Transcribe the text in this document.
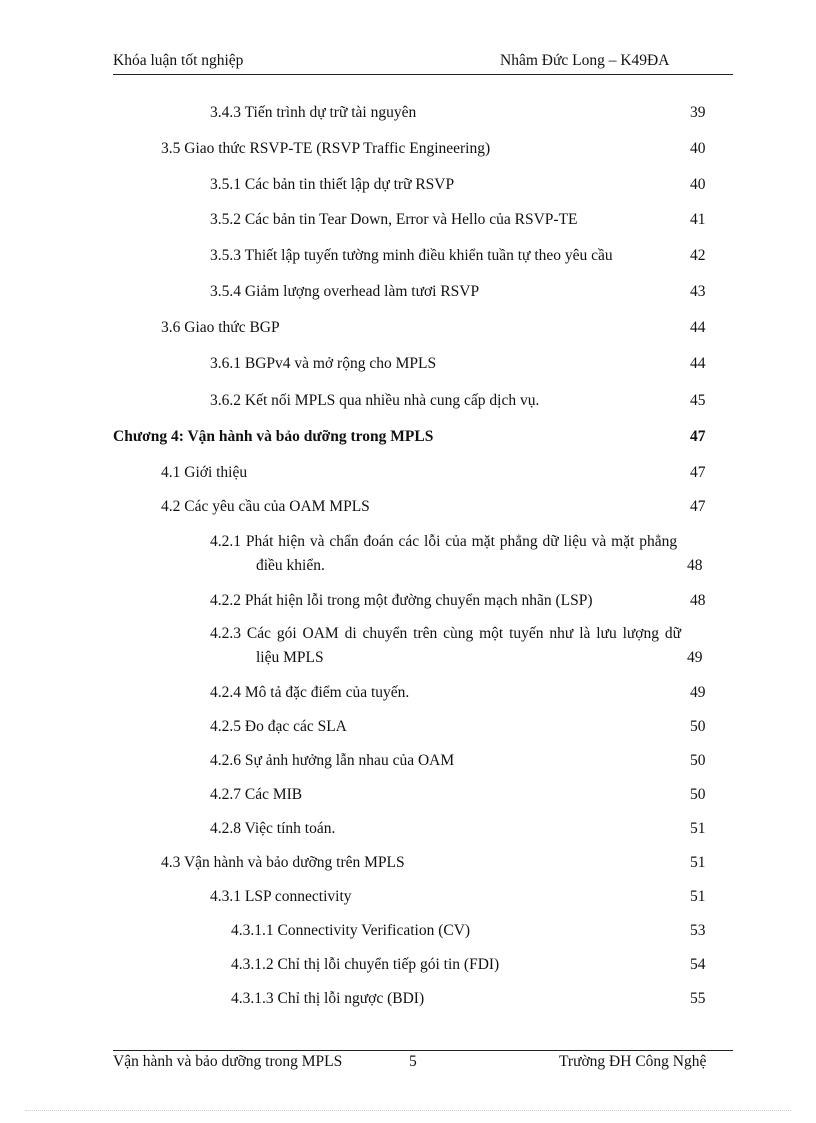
Khóa luận tốt nghiệp	Nhâm Đức Long – K49ĐA
3.4.3 Tiến trình dự trữ tài nguyên	39
3.5 Giao thức RSVP-TE (RSVP Traffic Engineering)	40
3.5.1 Các bản tin thiết lập dự trữ RSVP	40
3.5.2 Các bản tin Tear Down, Error và Hello của RSVP-TE	41
3.5.3 Thiết lập tuyến tường minh điều khiển tuần tự theo yêu cầu	42
3.5.4 Giảm lượng overhead làm tươi RSVP	43
3.6 Giao thức BGP	44
3.6.1 BGPv4 và mở rộng cho MPLS	44
3.6.2 Kết nối MPLS qua nhiều nhà cung cấp dịch vụ.	45
Chương 4: Vận hành và bảo dưỡng trong MPLS	47
4.1 Giới thiệu	47
4.2 Các yêu cầu của OAM MPLS	47
4.2.1 Phát hiện và chẩn đoán các lỗi của mặt phẳng dữ liệu và mặt phẳng
điều khiển.	48
4.2.2 Phát hiện lỗi trong một đường chuyển mạch nhãn (LSP)	48
4.2.3 Các gói OAM di chuyển trên cùng một tuyến như là lưu lượng dữ
liệu MPLS	49
4.2.4 Mô tả đặc điểm của tuyến.	49
4.2.5 Đo đạc các SLA	50
4.2.6 Sự ảnh hưởng lẫn nhau của OAM	50
4.2.7 Các MIB	50
4.2.8 Việc tính toán.	51
4.3 Vận hành và bảo dưỡng trên MPLS	51
4.3.1 LSP connectivity	51
4.3.1.1 Connectivity Verification (CV)	53
4.3.1.2 Chỉ thị lỗi chuyển tiếp gói tin (FDI)	54
4.3.1.3 Chỉ thị lỗi ngược (BDI)	55
Vận hành và bảo dưỡng trong MPLS	5	Trường ĐH Công Nghệ
